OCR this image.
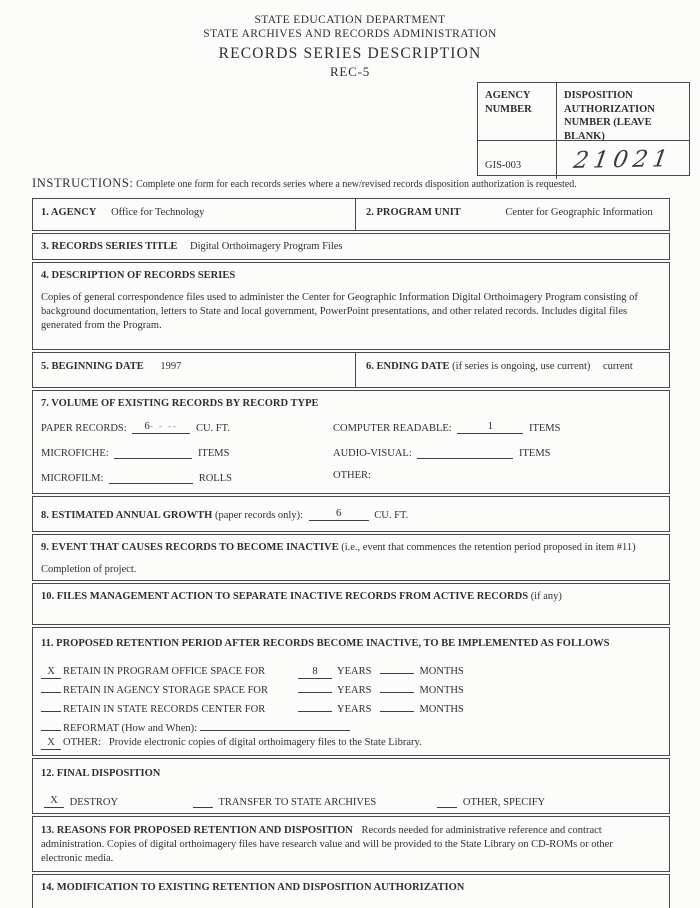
STATE EDUCATION DEPARTMENT
STATE ARCHIVES AND RECORDS ADMINISTRATION
RECORDS SERIES DESCRIPTION
REC-5
AGENCY NUMBER
DISPOSITION AUTHORIZATION NUMBER (LEAVE BLANK)
GIS-003 21021
INSTRUCTIONS: Complete one form for each records series where a new/revised records disposition authorization is requested.
1. AGENCY Office for Technology	2. PROGRAM UNIT	Center for Geographic Information
3. RECORDS SERIES TITLE Digital Orthoimagery Program Files
4. DESCRIPTION OF RECORDS SERIES
Copies of general correspondence files used to administer the Center for Geographic Information Digital Orthoimagery Program consisting of background documentation, letters to State and local government, PowerPoint presentations, and other related records. Includes digital files generated from the Program.
5. BEGINNING DATE 1997	6. ENDING DATE (if series is ongoing, use current) current
7. VOLUME OF EXISTING RECORDS BY RECORD TYPE
PAPER RECORDS: 6- - -- CU. FT.	COMPUTER READABLE:	1	ITEMS
MICROFICHE:	ITEMS	AUDIO-VISUAL:	ITEMS
MICROFILM:	ROLLS	OTHER:
8. ESTIMATED ANNUAL GROWTH (paper records only):	6	CU. FT.
9. EVENT THAT CAUSES RECORDS TO BECOME INACTIVE (i.e., event that commences the retention period proposed in item #11)
Completion of project.
10. FILES MANAGEMENT ACTION TO SEPARATE INACTIVE RECORDS FROM ACTIVE RECORDS (if any)
11. PROPOSED RETENTION PERIOD AFTER RECORDS BECOME INACTIVE, TO BE IMPLEMENTED AS FOLLOWS
X RETAIN IN PROGRAM OFFICE SPACE FOR	8	YEARS	MONTHS
RETAIN IN AGENCY STORAGE SPACE FOR	YEARS	MONTHS
RETAIN IN STATE RECORDS CENTER FOR	YEARS	MONTHS
REFORMAT (How and When):
X OTHER: Provide electronic copies of digital orthoimagery files to the State Library.
12. FINAL DISPOSITION
X DESTROY	TRANSFER TO STATE ARCHIVES	OTHER, SPECIFY
13. REASONS FOR PROPOSED RETENTION AND DISPOSITION Records needed for administrative reference and contract administration. Copies of digital orthoimagery files have research value and will be provided to the State Library on CD-ROMs or other electronic media.
14. MODIFICATION TO EXISTING RETENTION AND DISPOSITION AUTHORIZATION
